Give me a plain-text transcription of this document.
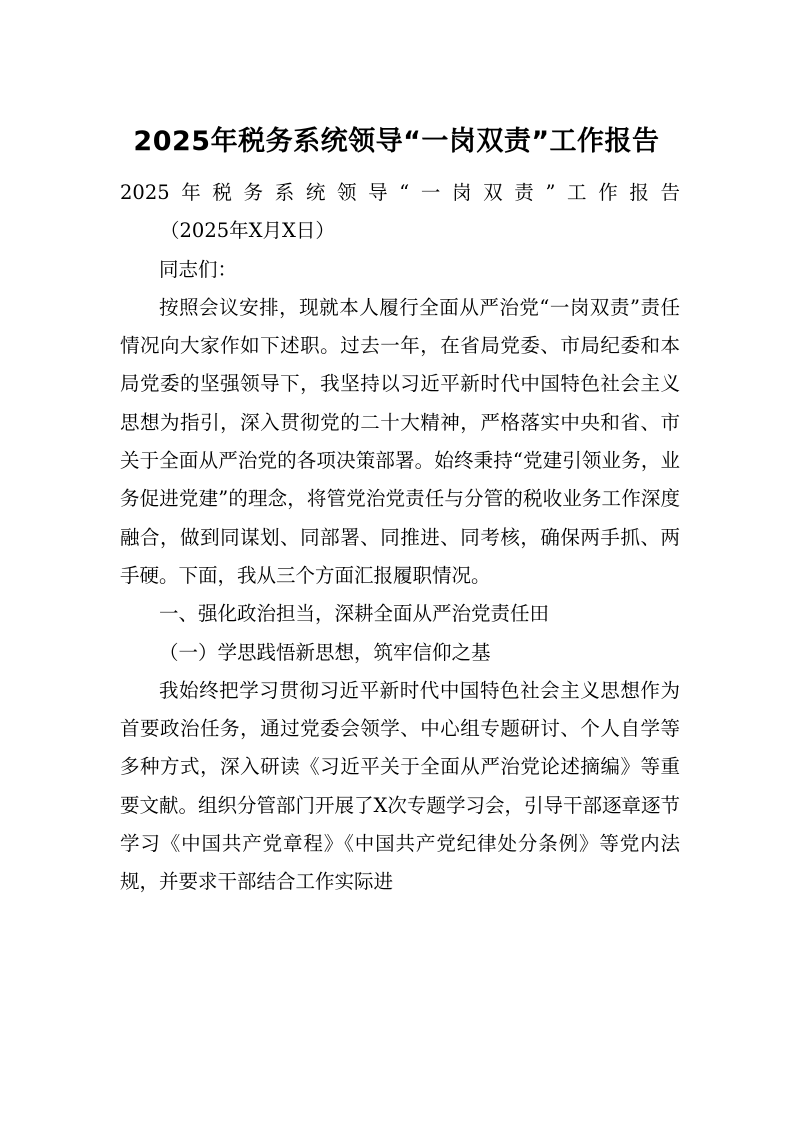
2025年税务系统领导“一岗双责”工作报告

2025年税务系统领导“一岗双责”工作报告（2025年X月X日）

同志们：

按照会议安排，现就本人履行全面从严治党“一岗双责”责任情况向大家作如下述职。过去一年，在省局党委、市局纪委和本局党委的坚强领导下，我坚持以习近平新时代中国特色社会主义思想为指引，深入贯彻党的二十大精神，严格落实中央和省、市关于全面从严治党的各项决策部署。始终秉持“党建引领业务，业务促进党建”的理念，将管党治党责任与分管的税收业务工作深度融合，做到同谋划、同部署、同推进、同考核，确保两手抓、两手硬。下面，我从三个方面汇报履职情况。

一、强化政治担当，深耕全面从严治党责任田

（一）学思践悟新思想，筑牢信仰之基

我始终把学习贯彻习近平新时代中国特色社会主义思想作为首要政治任务，通过党委会领学、中心组专题研讨、个人自学等多种方式，深入研读《习近平关于全面从严治党论述摘编》等重要文献。组织分管部门开展了X次专题学习会，引导干部逐章逐节学习《中国共产党章程》《中国共产党纪律处分条例》等党内法规，并要求干部结合工作实际进
